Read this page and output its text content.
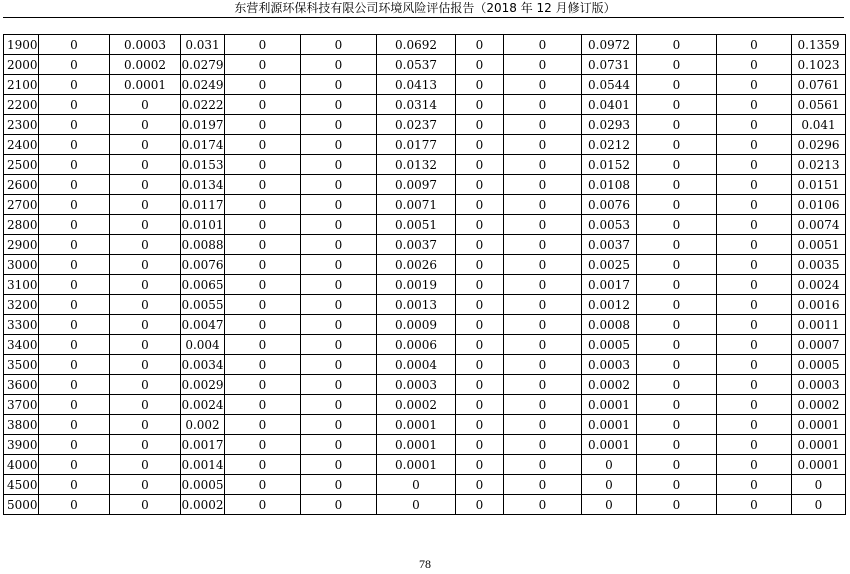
东营利源环保科技有限公司环境风险评估报告（2018 年 12 月修订版）
1900	0	0.0003	0.031	0	0	0.0692	0	0	0.0972	0	0	0.1359
2000	0	0.0002	0.0279	0	0	0.0537	0	0	0.0731	0	0	0.1023
2100	0	0.0001	0.0249	0	0	0.0413	0	0	0.0544	0	0	0.0761
2200	0	0	0.0222	0	0	0.0314	0	0	0.0401	0	0	0.0561
2300	0	0	0.0197	0	0	0.0237	0	0	0.0293	0	0	0.041
2400	0	0	0.0174	0	0	0.0177	0	0	0.0212	0	0	0.0296
2500	0	0	0.0153	0	0	0.0132	0	0	0.0152	0	0	0.0213
2600	0	0	0.0134	0	0	0.0097	0	0	0.0108	0	0	0.0151
2700	0	0	0.0117	0	0	0.0071	0	0	0.0076	0	0	0.0106
2800	0	0	0.0101	0	0	0.0051	0	0	0.0053	0	0	0.0074
2900	0	0	0.0088	0	0	0.0037	0	0	0.0037	0	0	0.0051
3000	0	0	0.0076	0	0	0.0026	0	0	0.0025	0	0	0.0035
3100	0	0	0.0065	0	0	0.0019	0	0	0.0017	0	0	0.0024
3200	0	0	0.0055	0	0	0.0013	0	0	0.0012	0	0	0.0016
3300	0	0	0.0047	0	0	0.0009	0	0	0.0008	0	0	0.0011
3400	0	0	0.004	0	0	0.0006	0	0	0.0005	0	0	0.0007
3500	0	0	0.0034	0	0	0.0004	0	0	0.0003	0	0	0.0005
3600	0	0	0.0029	0	0	0.0003	0	0	0.0002	0	0	0.0003
3700	0	0	0.0024	0	0	0.0002	0	0	0.0001	0	0	0.0002
3800	0	0	0.002	0	0	0.0001	0	0	0.0001	0	0	0.0001
3900	0	0	0.0017	0	0	0.0001	0	0	0.0001	0	0	0.0001
4000	0	0	0.0014	0	0	0.0001	0	0	0	0	0	0.0001
4500	0	0	0.0005	0	0	0	0	0	0	0	0	0
5000	0	0	0.0002	0	0	0	0	0	0	0	0	0
78
